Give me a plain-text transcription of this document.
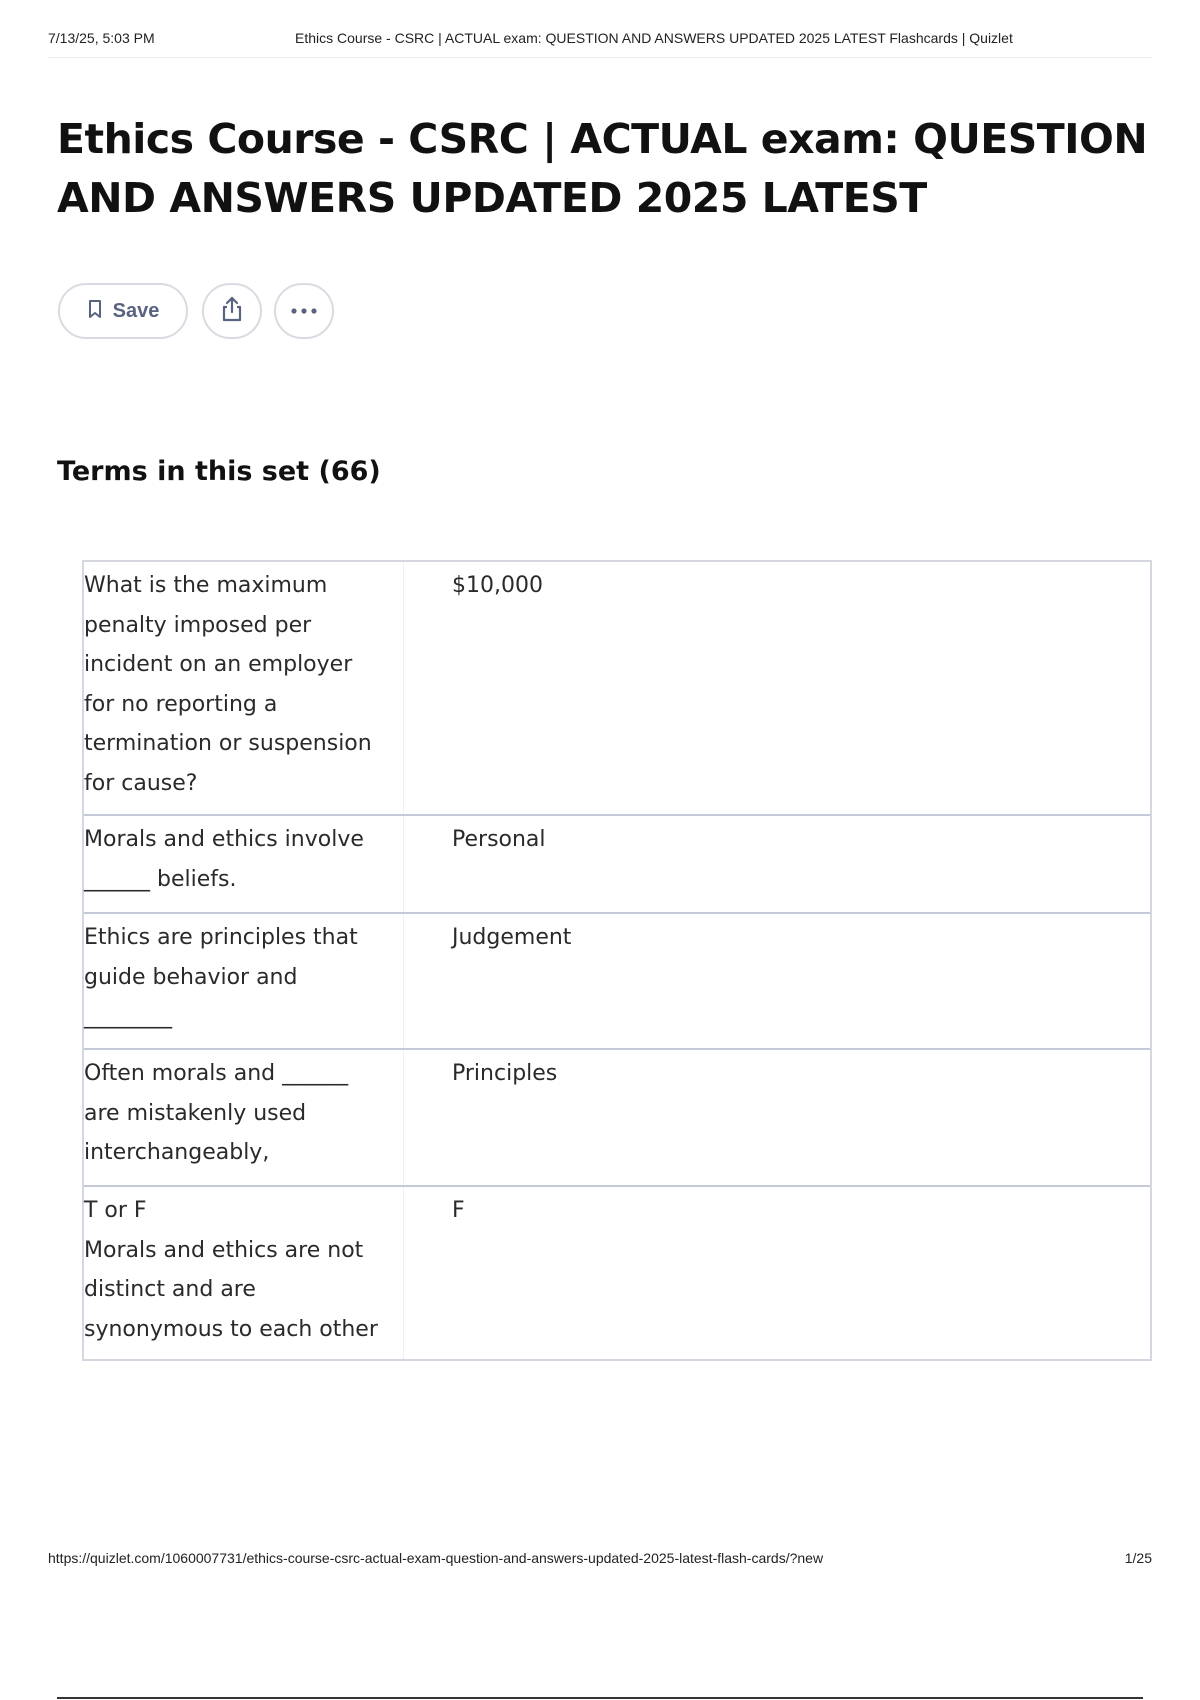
7/13/25, 5:03 PM	Ethics Course - CSRC | ACTUAL exam: QUESTION AND ANSWERS UPDATED 2025 LATEST Flashcards | Quizlet
Ethics Course - CSRC | ACTUAL exam: QUESTION AND ANSWERS UPDATED 2025 LATEST
Save
Terms in this set (66)
What is the maximum
penalty imposed per
incident on an employer
for no reporting a
termination or suspension
for cause?
$10,000
Morals and ethics involve
______ beliefs.
Personal
Ethics are principles that
guide behavior and
________
Judgement
Often morals and ______
are mistakenly used
interchangeably,
Principles
T or F
Morals and ethics are not
distinct and are
synonymous to each other
F
https://quizlet.com/1060007731/ethics-course-csrc-actual-exam-question-and-answers-updated-2025-latest-flash-cards/?new	1/25
